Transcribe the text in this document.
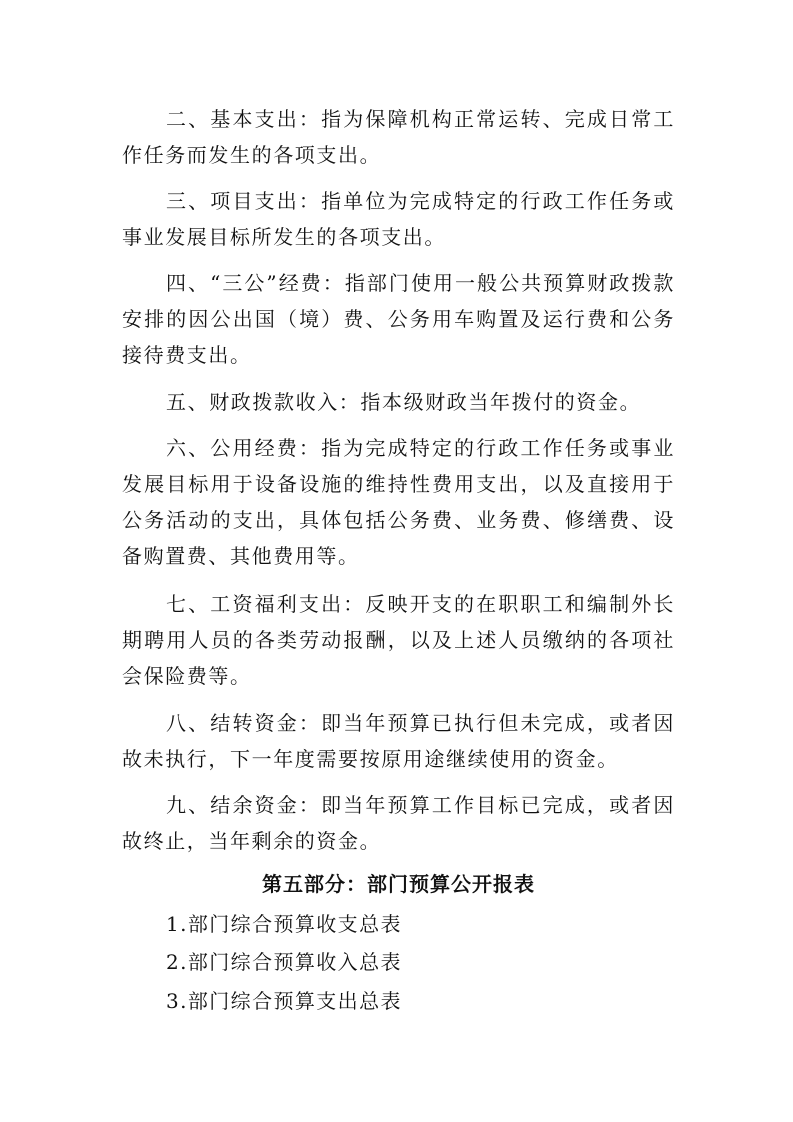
二、基本支出：指为保障机构正常运转、完成日常工作任务而发生的各项支出。

三、项目支出：指单位为完成特定的行政工作任务或事业发展目标所发生的各项支出。

四、“三公”经费：指部门使用一般公共预算财政拨款安排的因公出国（境）费、公务用车购置及运行费和公务接待费支出。

五、财政拨款收入：指本级财政当年拨付的资金。

六、公用经费：指为完成特定的行政工作任务或事业发展目标用于设备设施的维持性费用支出，以及直接用于公务活动的支出，具体包括公务费、业务费、修缮费、设备购置费、其他费用等。

七、工资福利支出：反映开支的在职职工和编制外长期聘用人员的各类劳动报酬，以及上述人员缴纳的各项社会保险费等。

八、结转资金：即当年预算已执行但未完成，或者因故未执行，下一年度需要按原用途继续使用的资金。

九、结余资金：即当年预算工作目标已完成，或者因故终止，当年剩余的资金。

第五部分：部门预算公开报表

1.部门综合预算收支总表

2.部门综合预算收入总表

3.部门综合预算支出总表
